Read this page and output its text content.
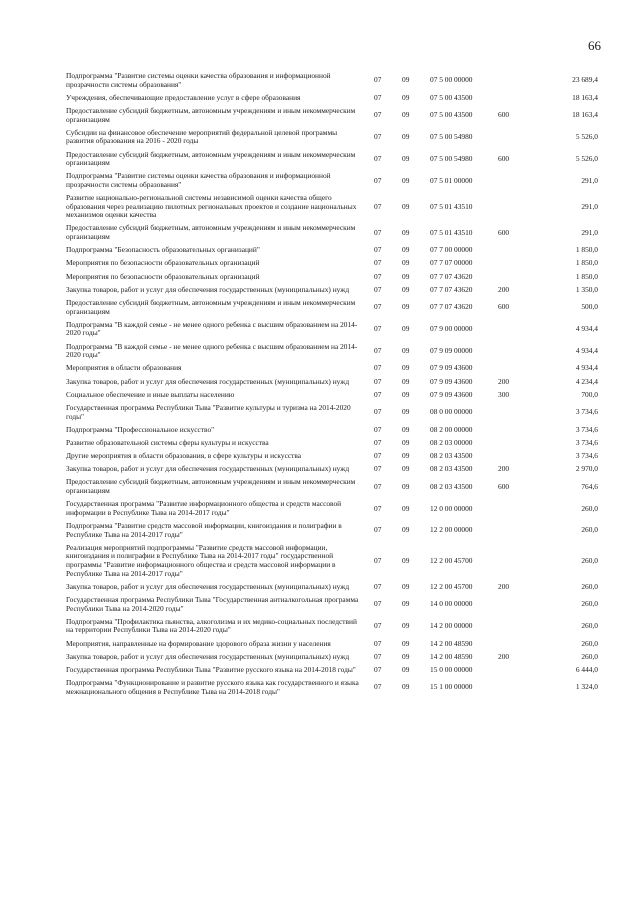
66
Подпрограмма "Развитие системы оценки качества образования и информационной прозрачности системы образования"	07	09	07 5 00 00000		23 689,4
Учреждения, обеспечивающие предоставление услуг в сфере образования	07	09	07 5 00 43500		18 163,4
Предоставление субсидий бюджетным, автономным учреждениям и иным некоммерческим организациям	07	09	07 5 00 43500	600	18 163,4
Субсидии на финансовое обеспечение мероприятий федеральной целевой программы развития образования на 2016 - 2020 годы	07	09	07 5 00 54980		5 526,0
Предоставление субсидий бюджетным, автономным учреждениям и иным некоммерческим организациям	07	09	07 5 00 54980	600	5 526,0
Подпрограмма "Развитие системы оценки качества образования и информационной прозрачности системы образования"	07	09	07 5 01 00000		291,0
Развитие национально-региональной системы независимой оценки качества общего образования через реализацию пилотных региональных проектов и создание национальных механизмов оценки качества	07	09	07 5 01 43510		291,0
Предоставление субсидий бюджетным, автономным учреждениям и иным некоммерческим организациям	07	09	07 5 01 43510	600	291,0
Подпрограмма "Безопасность образовательных организаций"	07	09	07 7 00 00000		1 850,0
Мероприятия по безопасности образовательных организаций	07	09	07 7 07 00000		1 850,0
Мероприятия по безопасности образовательных организаций	07	09	07 7 07 43620		1 850,0
Закупка товаров, работ и услуг для обеспечения государственных (муниципальных) нужд	07	09	07 7 07 43620	200	1 350,0
Предоставление субсидий бюджетным, автономным учреждениям и иным некоммерческим организациям	07	09	07 7 07 43620	600	500,0
Подпрограмма "В каждой семье - не менее одного ребенка с высшим образованием на 2014-2020 годы"	07	09	07 9 00 00000		4 934,4
Подпрограмма "В каждой семье - не менее одного ребенка с высшим образованием на 2014-2020 годы"	07	09	07 9 09 00000		4 934,4
Мероприятия в области образования	07	09	07 9 09 43600		4 934,4
Закупка товаров, работ и услуг для обеспечения государственных (муниципальных) нужд	07	09	07 9 09 43600	200	4 234,4
Социальное обеспечение и иные выплаты населению	07	09	07 9 09 43600	300	700,0
Государственная программа Республики Тыва "Развитие культуры и туризма на 2014-2020 годы"	07	09	08 0 00 00000		3 734,6
Подпрограмма "Профессиональное искусство"	07	09	08 2 00 00000		3 734,6
Развитие образовательной системы сферы культуры и искусства	07	09	08 2 03 00000		3 734,6
Другие мероприятия в области образования, в сфере культуры и искусства	07	09	08 2 03 43500		3 734,6
Закупка товаров, работ и услуг для обеспечения государственных (муниципальных) нужд	07	09	08 2 03 43500	200	2 970,0
Предоставление субсидий бюджетным, автономным учреждениям и иным некоммерческим организациям	07	09	08 2 03 43500	600	764,6
Государственная программа "Развитие информационного общества и средств массовой информации в Республике Тыва на 2014-2017 годы"	07	09	12 0 00 00000		260,0
Подпрограмма "Развитие средств массовой информации, книгоиздания и полиграфии в Республике Тыва на 2014-2017 годы"	07	09	12 2 00 00000		260,0
Реализация мероприятий подпрограммы "Развитие средств массовой информации, книгоиздания и полиграфии в Республике Тыва на 2014-2017 годы" государственной программы "Развитие информационного общества и средств массовой информации в Республике Тыва на 2014-2017 годы"	07	09	12 2 00 45700		260,0
Закупка товаров, работ и услуг для обеспечения государственных (муниципальных) нужд	07	09	12 2 00 45700	200	260,0
Государственная программа Республики Тыва "Государственная антиалкогольная программа Республики Тыва на 2014-2020 годы"	07	09	14 0 00 00000		260,0
Подпрограмма "Профилактика пьянства, алкоголизма и их медико-социальных последствий на территории Республики Тыва на 2014-2020 годы"	07	09	14 2 00 00000		260,0
Мероприятия, направленные на формирование здорового образа жизни у населения	07	09	14 2 00 48590		260,0
Закупка товаров, работ и услуг для обеспечения государственных (муниципальных) нужд	07	09	14 2 00 48590	200	260,0
Государственная программа Республики Тыва "Развитие русского языка на 2014-2018 годы"	07	09	15 0 00 00000		6 444,0
Подпрограмма "Функционирование и развитие русского языка как государственного и языка межнационального общения в Республике Тыва на 2014-2018 годы"	07	09	15 1 00 00000		1 324,0
